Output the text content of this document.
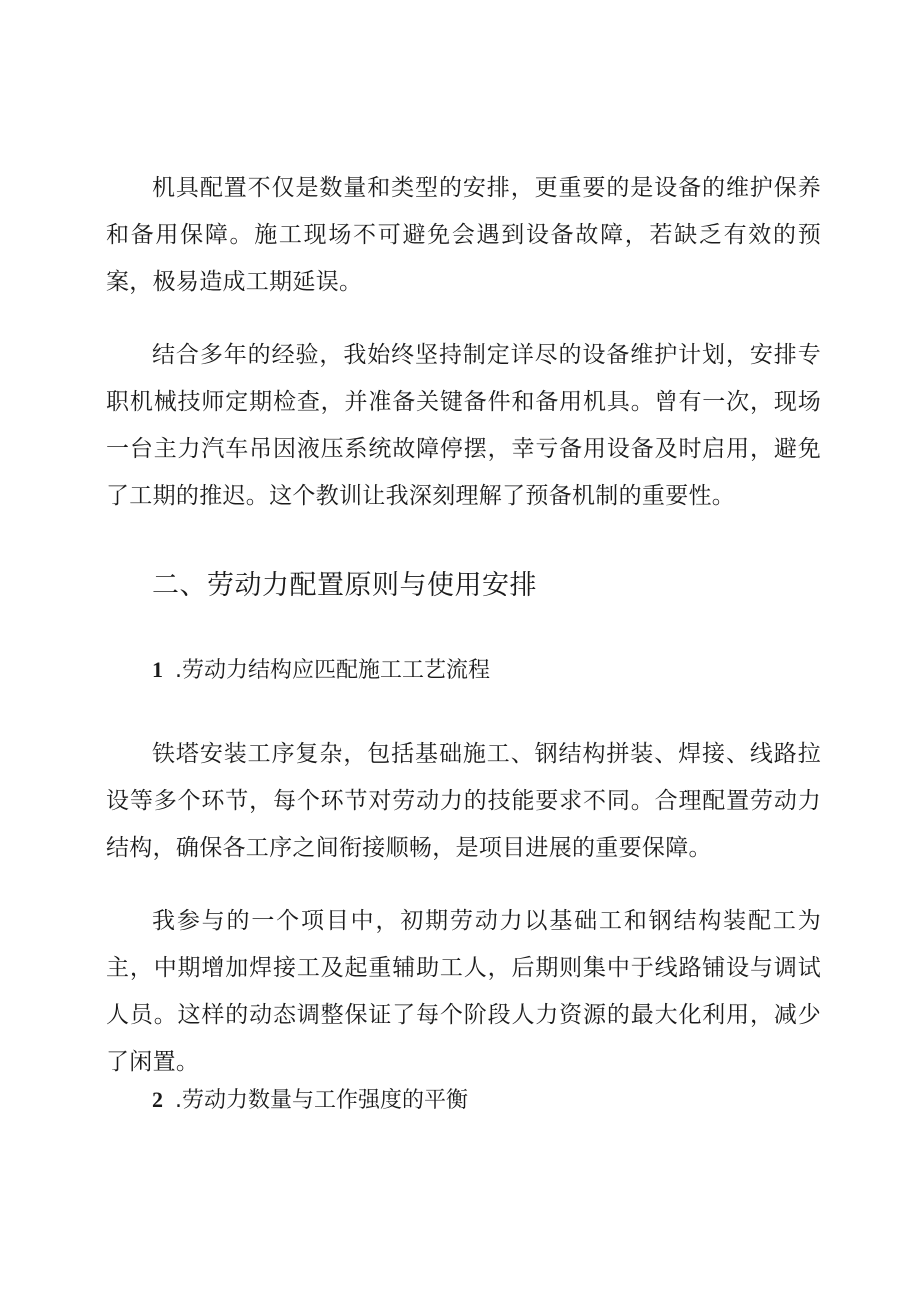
机具配置不仅是数量和类型的安排，更重要的是设备的维护保养和备用保障。施工现场不可避免会遇到设备故障，若缺乏有效的预案，极易造成工期延误。

结合多年的经验，我始终坚持制定详尽的设备维护计划，安排专职机械技师定期检查，并准备关键备件和备用机具。曾有一次，现场一台主力汽车吊因液压系统故障停摆，幸亏备用设备及时启用，避免了工期的推迟。这个教训让我深刻理解了预备机制的重要性。

二、劳动力配置原则与使用安排
1 .劳动力结构应匹配施工工艺流程

铁塔安装工序复杂，包括基础施工、钢结构拼装、焊接、线路拉设等多个环节，每个环节对劳动力的技能要求不同。合理配置劳动力结构，确保各工序之间衔接顺畅，是项目进展的重要保障。

我参与的一个项目中，初期劳动力以基础工和钢结构装配工为主，中期增加焊接工及起重辅助工人，后期则集中于线路铺设与调试人员。这样的动态调整保证了每个阶段人力资源的最大化利用，减少了闲置。

2 .劳动力数量与工作强度的平衡
